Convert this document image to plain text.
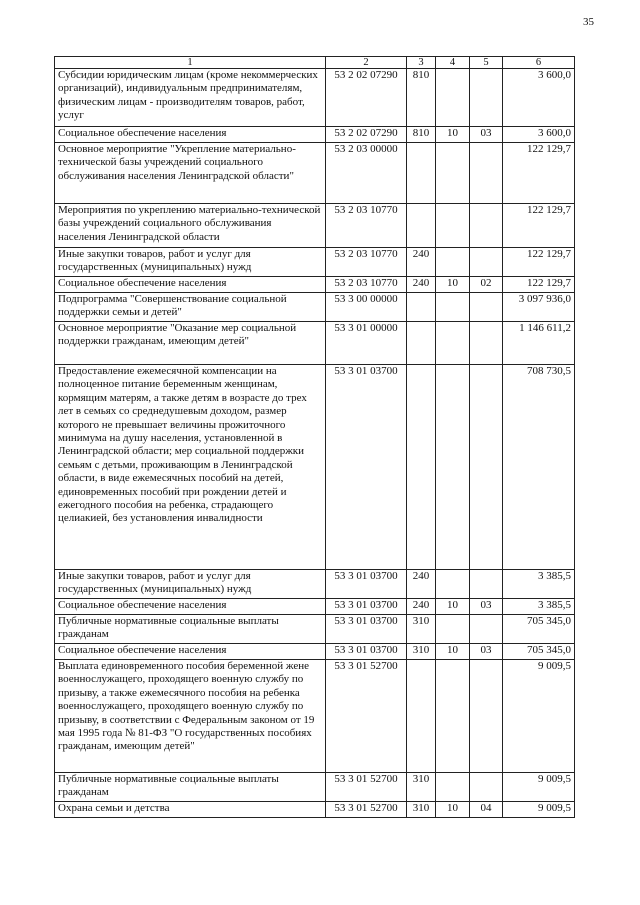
35
1	2	3	4	5	6
Субсидии юридическим лицам (кроме некоммерческих организаций), индивидуальным предпринимателям, физическим лицам - производителям товаров, работ, услуг	53 2 02 07290	810			3 600,0
Социальное обеспечение населения	53 2 02 07290	810	10	03	3 600,0
Основное мероприятие "Укрепление материально-технической базы учреждений социального обслуживания населения Ленинградской области"	53 2 03 00000				122 129,7
Мероприятия по укреплению материально-технической базы учреждений социального обслуживания населения Ленинградской области	53 2 03 10770				122 129,7
Иные закупки товаров, работ и услуг для государственных (муниципальных) нужд	53 2 03 10770	240			122 129,7
Социальное обеспечение населения	53 2 03 10770	240	10	02	122 129,7
Подпрограмма "Совершенствование социальной поддержки семьи и детей"	53 3 00 00000				3 097 936,0
Основное мероприятие "Оказание мер социальной поддержки гражданам, имеющим детей"	53 3 01 00000				1 146 611,2
Предоставление ежемесячной компенсации на полноценное питание беременным женщинам, кормящим матерям, а также детям в возрасте до трех лет в семьях со среднедушевым доходом, размер которого не превышает величины прожиточного минимума на душу населения, установленной в Ленинградской области; мер социальной поддержки семьям с детьми, проживающим в Ленинградской области, в виде ежемесячных пособий на детей, единовременных пособий при рождении детей и ежегодного пособия на ребенка, страдающего целиакией, без установления инвалидности	53 3 01 03700				708 730,5
Иные закупки товаров, работ и услуг для государственных (муниципальных) нужд	53 3 01 03700	240			3 385,5
Социальное обеспечение населения	53 3 01 03700	240	10	03	3 385,5
Публичные нормативные социальные выплаты гражданам	53 3 01 03700	310			705 345,0
Социальное обеспечение населения	53 3 01 03700	310	10	03	705 345,0
Выплата единовременного пособия беременной жене военнослужащего, проходящего военную службу по призыву, а также ежемесячного пособия на ребенка военнослужащего, проходящего военную службу по призыву, в соответствии с Федеральным законом от 19 мая 1995 года № 81-ФЗ "О государственных пособиях гражданам, имеющим детей"	53 3 01 52700				9 009,5
Публичные нормативные социальные выплаты гражданам	53 3 01 52700	310			9 009,5
Охрана семьи и детства	53 3 01 52700	310	10	04	9 009,5
